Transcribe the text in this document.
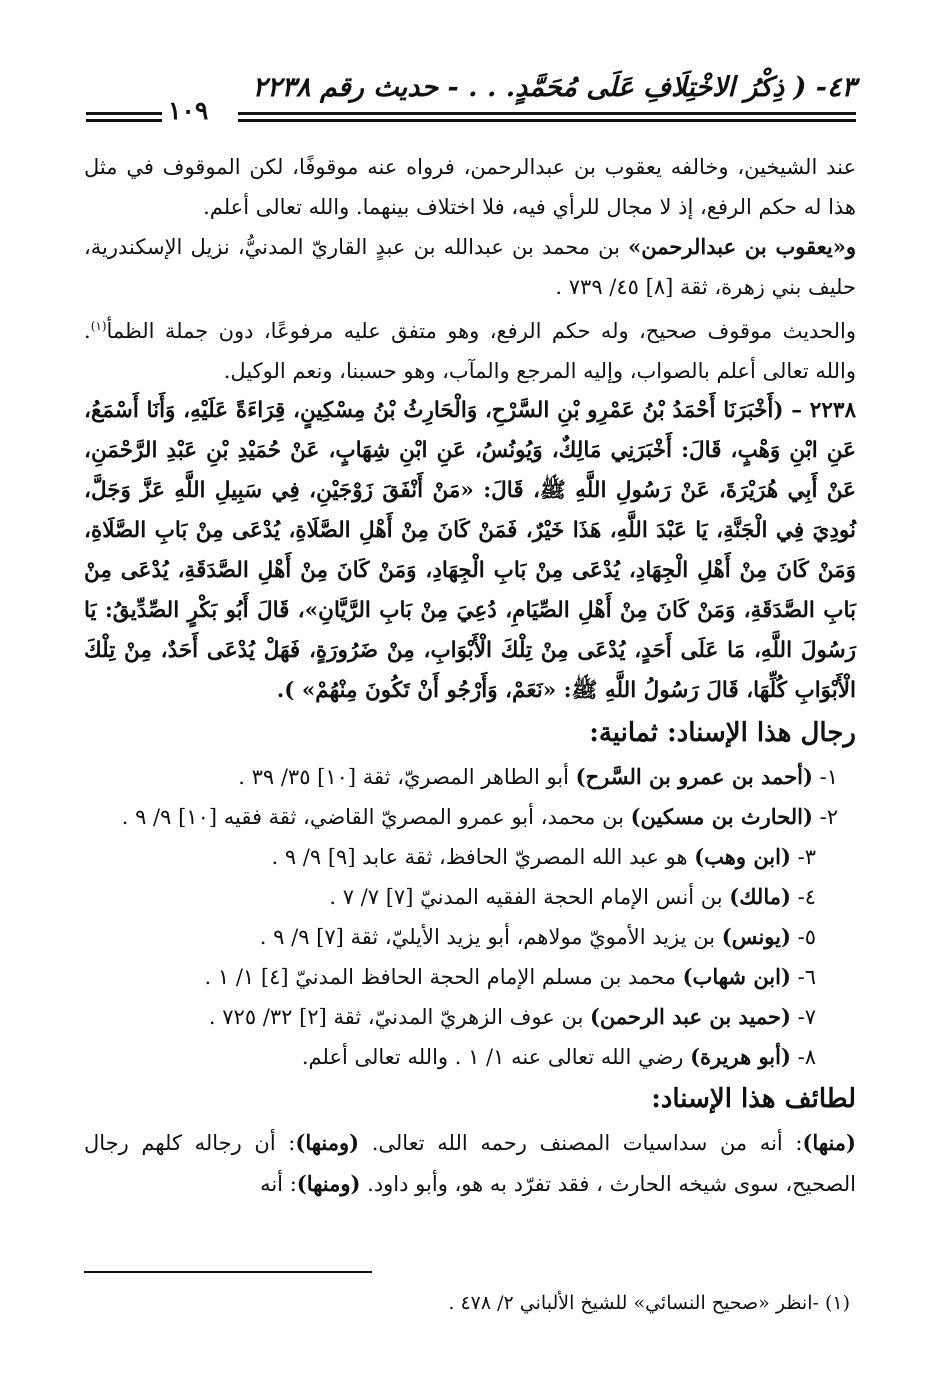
٤٣- ( ذِكْرُ الاخْتِلَافِ عَلَى مُحَمَّدٍ. . . - حديث رقم ٢٢٣٨
١٠٩

عند الشيخين، وخالفه يعقوب بن عبدالرحمن، فرواه عنه موقوفًا، لكن الموقوف في مثل هذا له حكم الرفع، إذ لا مجال للرأي فيه، فلا اختلاف بينهما. والله تعالى أعلم.

و«يعقوب بن عبدالرحمن» بن محمد بن عبدالله بن عبدٍ القاريّ المدنيُّ، نزيل الإسكندرية، حليف بني زهرة، ثقة [٨] ٤٥/ ٧٣٩ .

والحديث موقوف صحيح، وله حكم الرفع، وهو متفق عليه مرفوعًا، دون جملة الظمأ$^{(١)}$. والله تعالى أعلم بالصواب، وإليه المرجع والمآب، وهو حسبنا، ونعم الوكيل.

٢٢٣٨ – (أَخْبَرَنَا أَحْمَدُ بْنُ عَمْرِو بْنِ السَّرْحِ، وَالْحَارِثُ بْنُ مِسْكِينٍ، قِرَاءَةً عَلَيْهِ، وَأَنَا أَسْمَعُ، عَنِ ابْنِ وَهْبٍ، قَالَ: أَخْبَرَنِي مَالِكٌ، وَيُونُسُ، عَنِ ابْنِ شِهَابٍ، عَنْ حُمَيْدِ بْنِ عَبْدِ الرَّحْمَنِ، عَنْ أَبِي هُرَيْرَةَ، عَنْ رَسُولِ اللَّهِ ﷺ، قَالَ: «مَنْ أَنْفَقَ زَوْجَيْنِ، فِي سَبِيلِ اللَّهِ عَزَّ وَجَلَّ، نُودِيَ فِي الْجَنَّةِ، يَا عَبْدَ اللَّهِ، هَذَا خَيْرٌ، فَمَنْ كَانَ مِنْ أَهْلِ الصَّلَاةِ، يُدْعَى مِنْ بَابِ الصَّلَاةِ، وَمَنْ كَانَ مِنْ أَهْلِ الْجِهَادِ، يُدْعَى مِنْ بَابِ الْجِهَادِ، وَمَنْ كَانَ مِنْ أَهْلِ الصَّدَقَةِ، يُدْعَى مِنْ بَابِ الصَّدَقَةِ، وَمَنْ كَانَ مِنْ أَهْلِ الصِّيَامِ، دُعِيَ مِنْ بَابِ الرَّيَّانِ»، قَالَ أَبُو بَكْرٍ الصِّدِّيقُ: يَا رَسُولَ اللَّهِ، مَا عَلَى أَحَدٍ، يُدْعَى مِنْ تِلْكَ الْأَبْوَابِ، مِنْ ضَرُورَةٍ، فَهَلْ يُدْعَى أَحَدٌ، مِنْ تِلْكَ الْأَبْوَابِ كُلِّهَا، قَالَ رَسُولُ اللَّهِ ﷺ: «نَعَمْ، وَأَرْجُو أَنْ تَكُونَ مِنْهُمْ» ).

رجال هذا الإسناد: ثمانية:
١- (أحمد بن عمرو بن السَّرح) أبو الطاهر المصريّ، ثقة [١٠] ٣٥/ ٣٩ .
٢- (الحارث بن مسكين) بن محمد، أبو عمرو المصريّ القاضي، ثقة فقيه [١٠] ٩/ ٩ .
٣- (ابن وهب) هو عبد الله المصريّ الحافظ، ثقة عابد [٩] ٩/ ٩ .
٤- (مالك) بن أنس الإمام الحجة الفقيه المدنيّ [٧] ٧/ ٧ .
٥- (يونس) بن يزيد الأمويّ مولاهم، أبو يزيد الأيليّ، ثقة [٧] ٩/ ٩ .
٦- (ابن شهاب) محمد بن مسلم الإمام الحجة الحافظ المدنيّ [٤] ١/ ١ .
٧- (حميد بن عبد الرحمن) بن عوف الزهريّ المدنيّ، ثقة [٢] ٣٢/ ٧٢٥ .
٨- (أبو هريرة) رضي الله تعالى عنه ١/ ١ . والله تعالى أعلم.
لطائف هذا الإسناد:

(منها): أنه من سداسيات المصنف رحمه الله تعالى. (ومنها): أن رجاله كلهم رجال الصحيح، سوى شيخه الحارث ، فقد تفرّد به هو، وأبو داود. (ومنها): أنه

(١) -انظر «صحيح النسائي» للشيخ الألباني ٢/ ٤٧٨ .
